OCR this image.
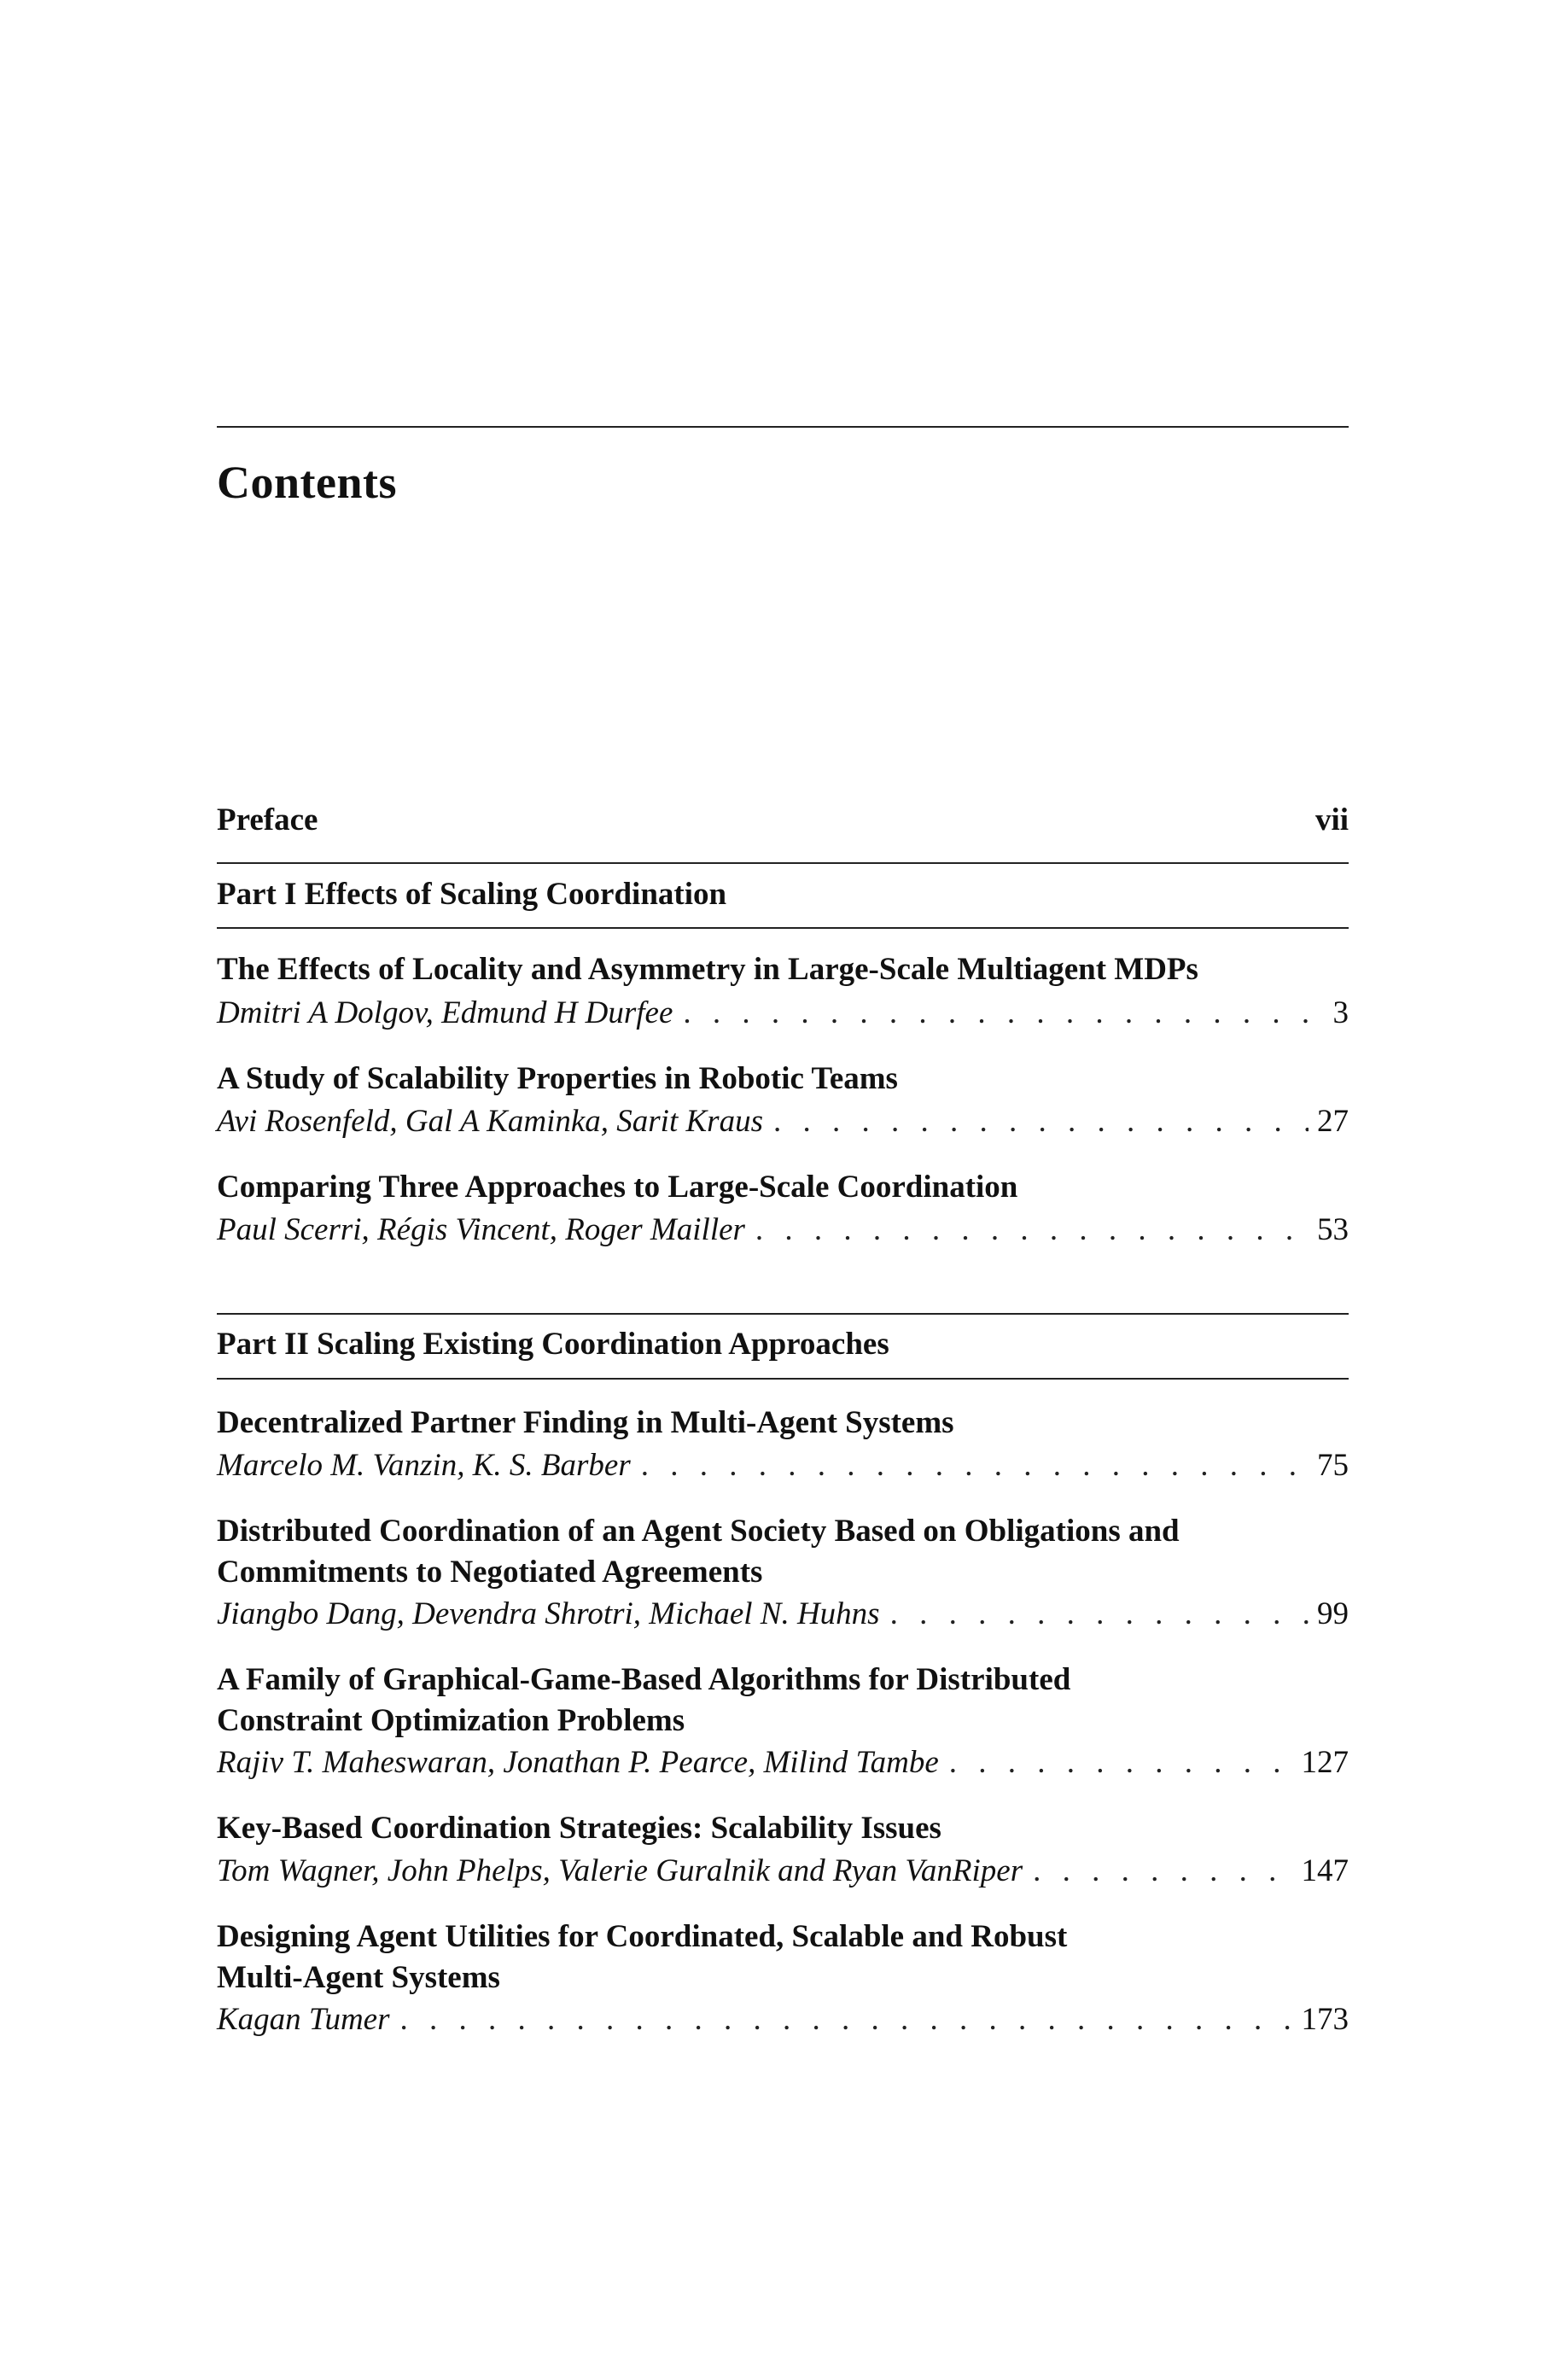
Contents
Preface	vii
Part I Effects of Scaling Coordination
The Effects of Locality and Asymmetry in Large-Scale Multiagent MDPs
Dmitri A Dolgov, Edmund H Durfee . . .	3
A Study of Scalability Properties in Robotic Teams
Avi Rosenfeld, Gal A Kaminka, Sarit Kraus . . .	27
Comparing Three Approaches to Large-Scale Coordination
Paul Scerri, Régis Vincent, Roger Mailler . . .	53
Part II Scaling Existing Coordination Approaches
Decentralized Partner Finding in Multi-Agent Systems
Marcelo M. Vanzin, K. S. Barber . . .	75
Distributed Coordination of an Agent Society Based on Obligations and
Commitments to Negotiated Agreements
Jiangbo Dang, Devendra Shrotri, Michael N. Huhns . . .	99
A Family of Graphical-Game-Based Algorithms for Distributed
Constraint Optimization Problems
Rajiv T. Maheswaran, Jonathan P. Pearce, Milind Tambe . . .	127
Key-Based Coordination Strategies: Scalability Issues
Tom Wagner, John Phelps, Valerie Guralnik and Ryan VanRiper . . .	147
Designing Agent Utilities for Coordinated, Scalable and Robust
Multi-Agent Systems
Kagan Tumer . . .	173
